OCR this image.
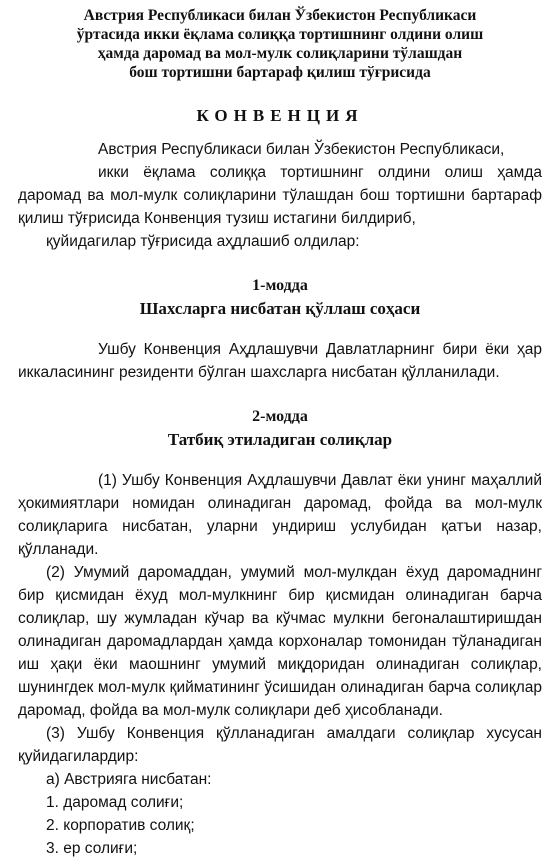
Австрия Республикаси билан Ўзбекистон Республикаси

ўртасида икки ёқлама солиққа тортишнинг олдини олиш

ҳамда даромад ва мол-мулк солиқларини тўлашдан

бош тортишни бартараф қилиш тўғрисида

КОНВЕНЦИЯ

Австрия Республикаси билан Ўзбекистон Республикаси,

икки ёқлама солиққа тортишнинг олдини олиш ҳамда даромад ва мол-мулк солиқларини тўлашдан бош тортишни бартараф қилиш тўғрисида Конвенция тузиш истагини билдириб,

қуйидагилар тўғрисида аҳдлашиб олдилар:

1-модда

Шахсларга нисбатан қўллаш соҳаси

Ушбу Конвенция Аҳдлашувчи Давлатларнинг бири ёки ҳар иккаласининг резиденти бўлган шахсларга нисбатан қўлланилади.

2-модда

Татбиқ этиладиган солиқлар

(1) Ушбу Конвенция Аҳдлашувчи Давлат ёки унинг маҳаллий ҳокимиятлари номидан олинадиган даромад, фойда ва мол-мулк солиқларига нисбатан, уларни ундириш услубидан қатъи назар, қўлланади.

(2) Умумий даромаддан, умумий мол-мулкдан ёхуд даромаднинг бир қисмидан ёхуд мол-мулкнинг бир қисмидан олинадиган барча солиқлар, шу жумладан кўчар ва кўчмас мулкни бегоналаштиришдан олинадиган даромадлардан ҳамда корхоналар томонидан тўланадиган иш ҳақи ёки маошнинг умумий миқдоридан олинадиган солиқлар, шунингдек мол-мулк қийматининг ўсишидан олинадиган барча солиқлар даромад, фойда ва мол-мулк солиқлари деб ҳисобланади.

(3) Ушбу Конвенция қўлланадиган амалдаги солиқлар хусусан қуйидагилардир:

а) Австрияга нисбатан:

1. даромад солиғи;

2. корпоратив солиқ;

3. ер солиғи;
